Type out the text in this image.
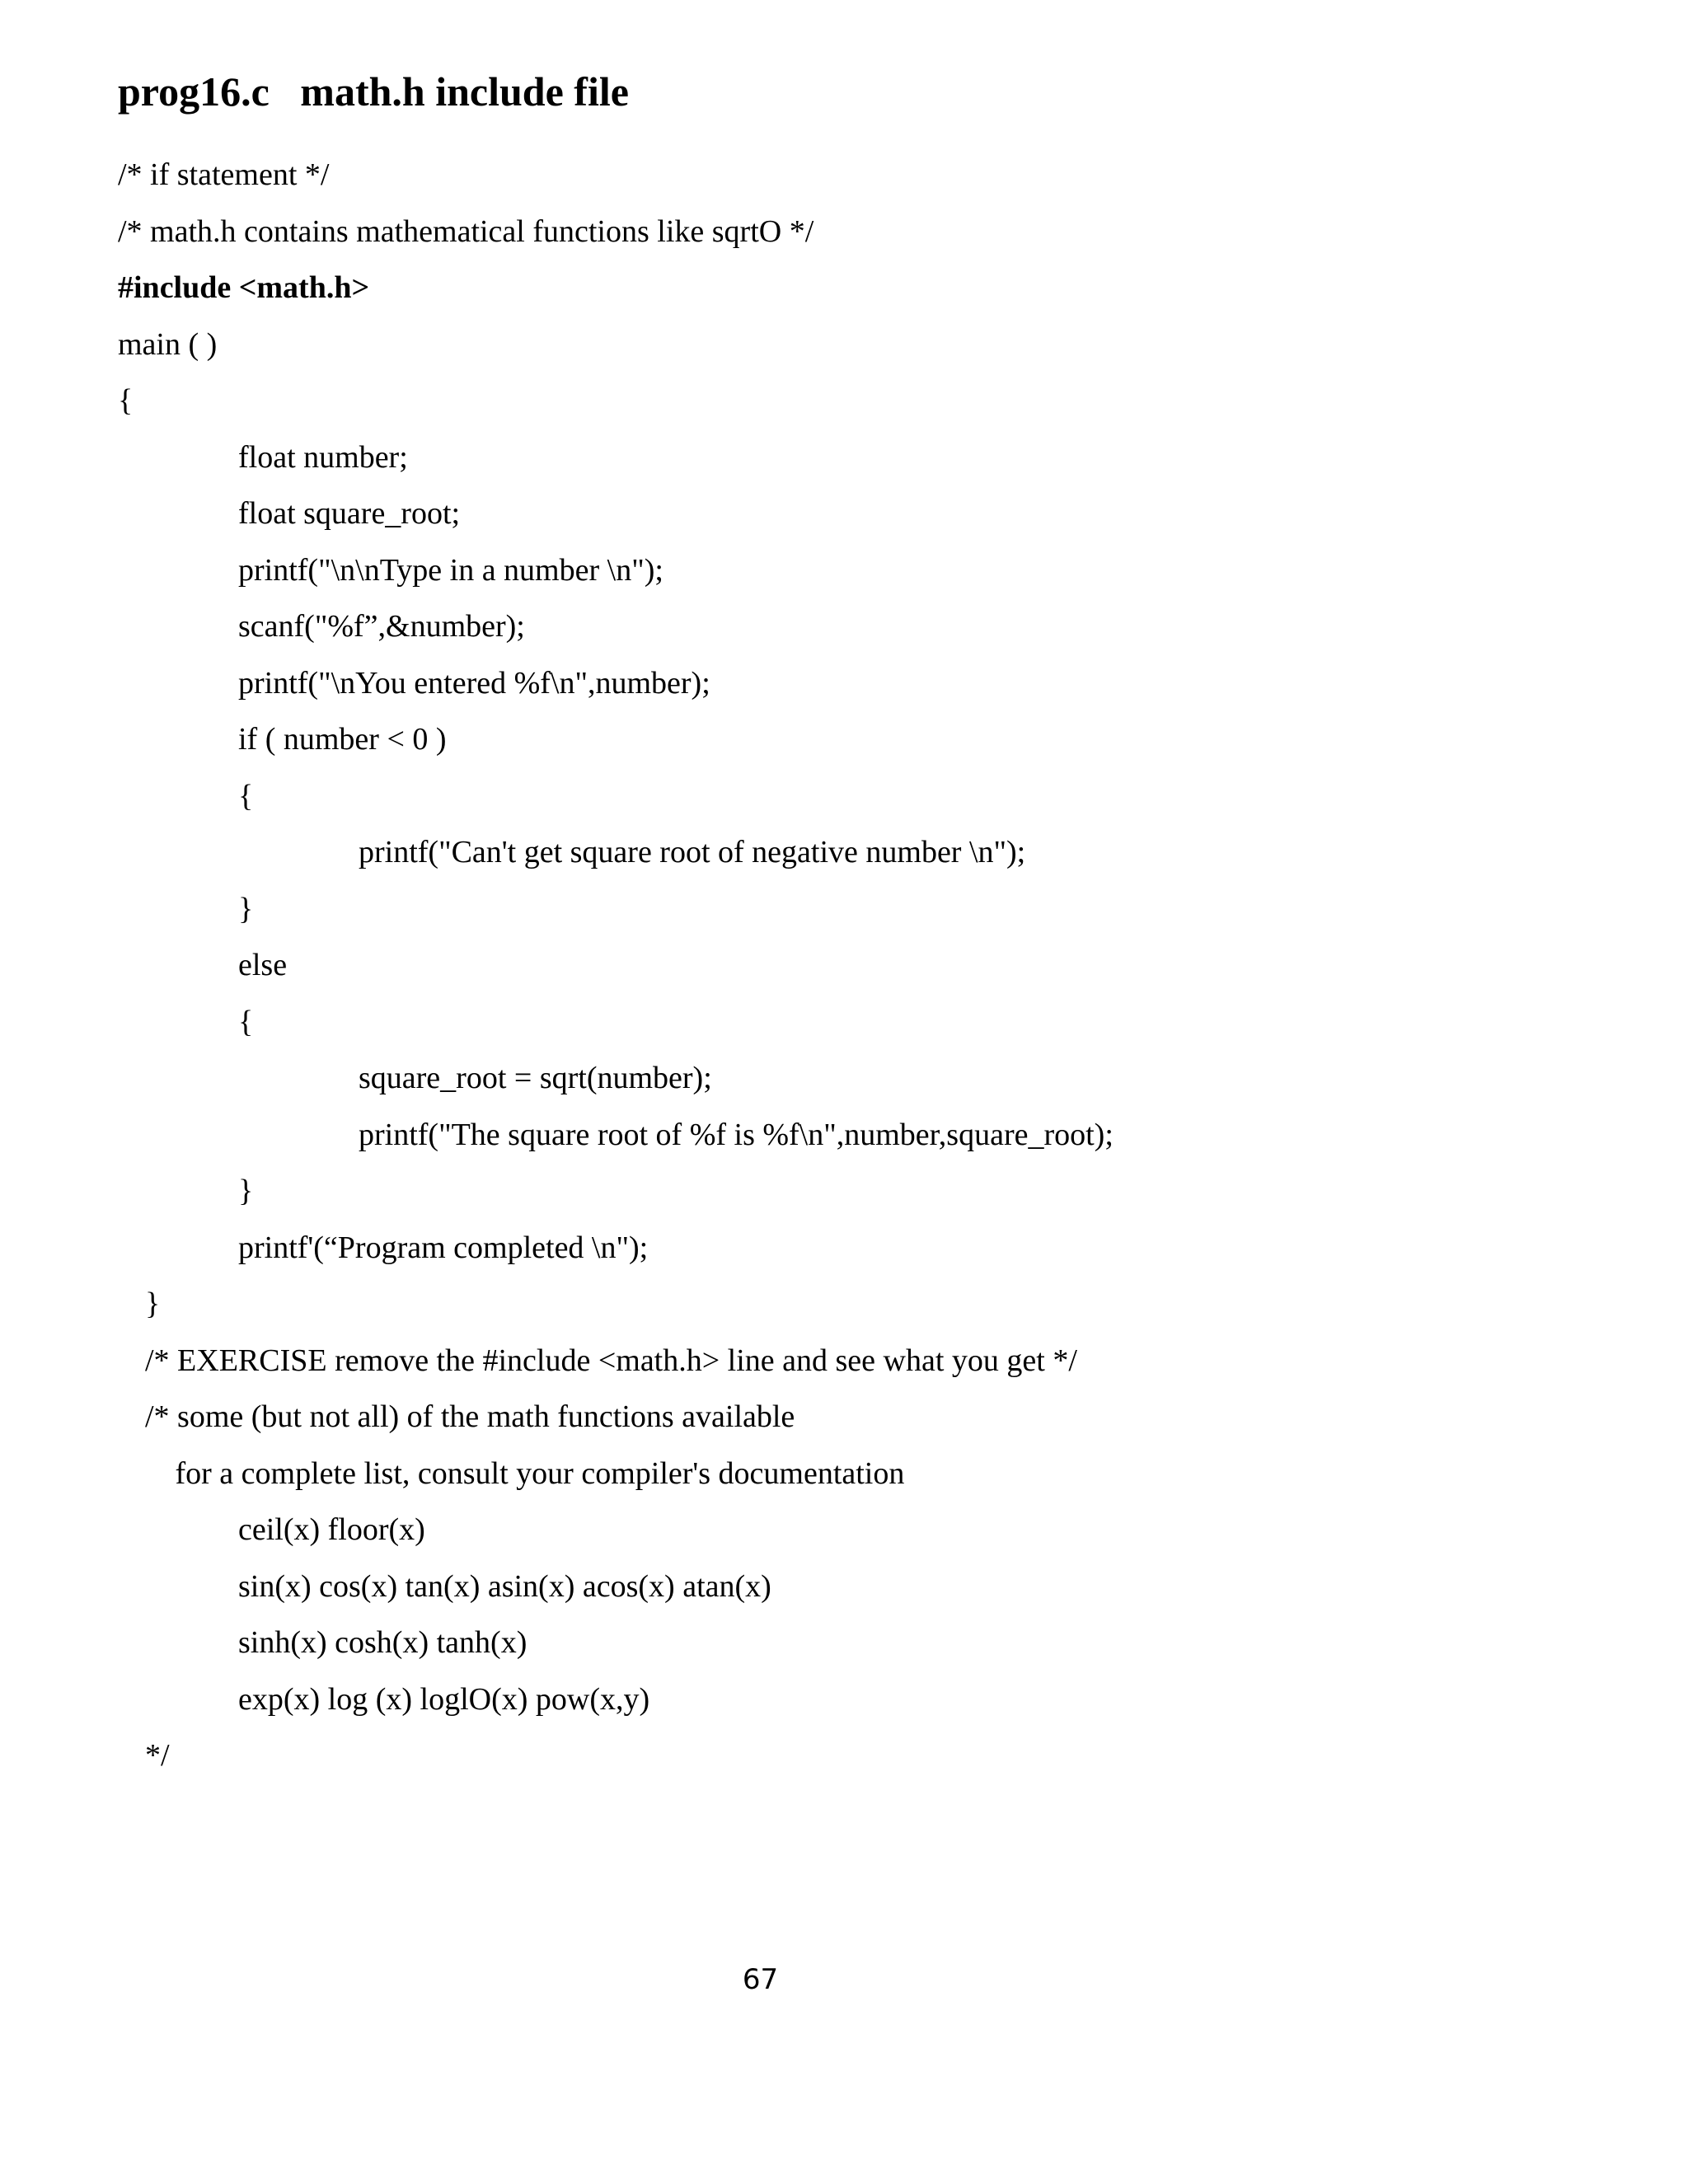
prog16.c   math.h include file
/* if statement */
/* math.h contains mathematical functions like sqrtO */
#include <math.h>
main ( )
{
float number;
float square_root;
printf("\n\nType in a number \n");
scanf("%f”,&number);
printf("\nYou entered %f\n",number);
if ( number < 0 )
{
printf("Can't get square root of negative number \n");
}
else
{
square_root = sqrt(number);
printf("The square root of %f is %f\n",number,square_root);
}
printf'(“Program completed \n");
}
/* EXERCISE remove the #include <math.h> line and see what you get */
/* some (but not all) of the math functions available
for a complete list, consult your compiler's documentation
ceil(x) floor(x)
sin(x) cos(x) tan(x) asin(x) acos(x) atan(x)
sinh(x) cosh(x) tanh(x)
exp(x) log (x) loglO(x) pow(x,y)
*/
67
